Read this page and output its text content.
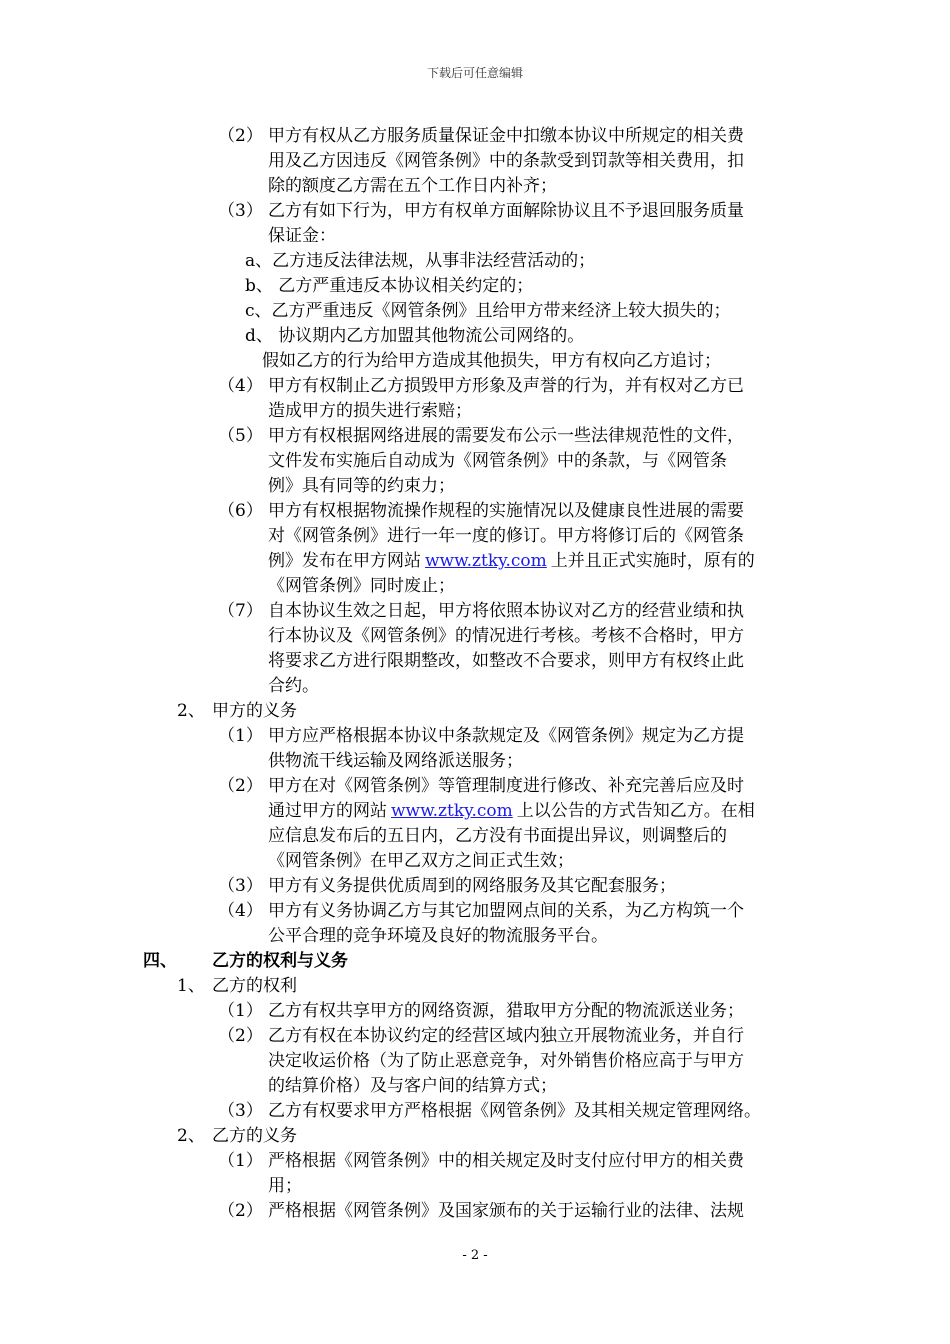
下载后可任意编辑
（2） 甲方有权从乙方服务质量保证金中扣缴本协议中所规定的相关费
用及乙方因违反《网管条例》中的条款受到罚款等相关费用，扣
除的额度乙方需在五个工作日内补齐；
（3） 乙方有如下行为，甲方有权单方面解除协议且不予退回服务质量
保证金：
a、乙方违反法律法规，从事非法经营活动的；
b、 乙方严重违反本协议相关约定的；
c、乙方严重违反《网管条例》且给甲方带来经济上较大损失的；
d、 协议期内乙方加盟其他物流公司网络的。
假如乙方的行为给甲方造成其他损失，甲方有权向乙方追讨；
（4） 甲方有权制止乙方损毁甲方形象及声誉的行为，并有权对乙方已
造成甲方的损失进行索赔；
（5） 甲方有权根据网络进展的需要发布公示一些法律规范性的文件，
文件发布实施后自动成为《网管条例》中的条款，与《网管条
例》具有同等的约束力；
（6） 甲方有权根据物流操作规程的实施情况以及健康良性进展的需要
对《网管条例》进行一年一度的修订。甲方将修订后的《网管条
例》发布在甲方网站 www.ztky.com 上并且正式实施时，原有的
《网管条例》同时废止；
（7） 自本协议生效之日起，甲方将依照本协议对乙方的经营业绩和执
行本协议及《网管条例》的情况进行考核。考核不合格时，甲方
将要求乙方进行限期整改，如整改不合要求，则甲方有权终止此
合约。
2、 甲方的义务
（1） 甲方应严格根据本协议中条款规定及《网管条例》规定为乙方提
供物流干线运输及网络派送服务；
（2） 甲方在对《网管条例》等管理制度进行修改、补充完善后应及时
通过甲方的网站 www.ztky.com 上以公告的方式告知乙方。在相
应信息发布后的五日内，乙方没有书面提出异议，则调整后的
《网管条例》在甲乙双方之间正式生效；
（3） 甲方有义务提供优质周到的网络服务及其它配套服务；
（4） 甲方有义务协调乙方与其它加盟网点间的关系，为乙方构筑一个
公平合理的竞争环境及良好的物流服务平台。
四、 乙方的权利与义务
1、 乙方的权利
（1） 乙方有权共享甲方的网络资源，猎取甲方分配的物流派送业务；
（2） 乙方有权在本协议约定的经营区域内独立开展物流业务，并自行
决定收运价格（为了防止恶意竞争，对外销售价格应高于与甲方
的结算价格）及与客户间的结算方式；
（3） 乙方有权要求甲方严格根据《网管条例》及其相关规定管理网络。
2、 乙方的义务
（1） 严格根据《网管条例》中的相关规定及时支付应付甲方的相关费
用；
（2） 严格根据《网管条例》及国家颁布的关于运输行业的法律、法规
- 2 -
